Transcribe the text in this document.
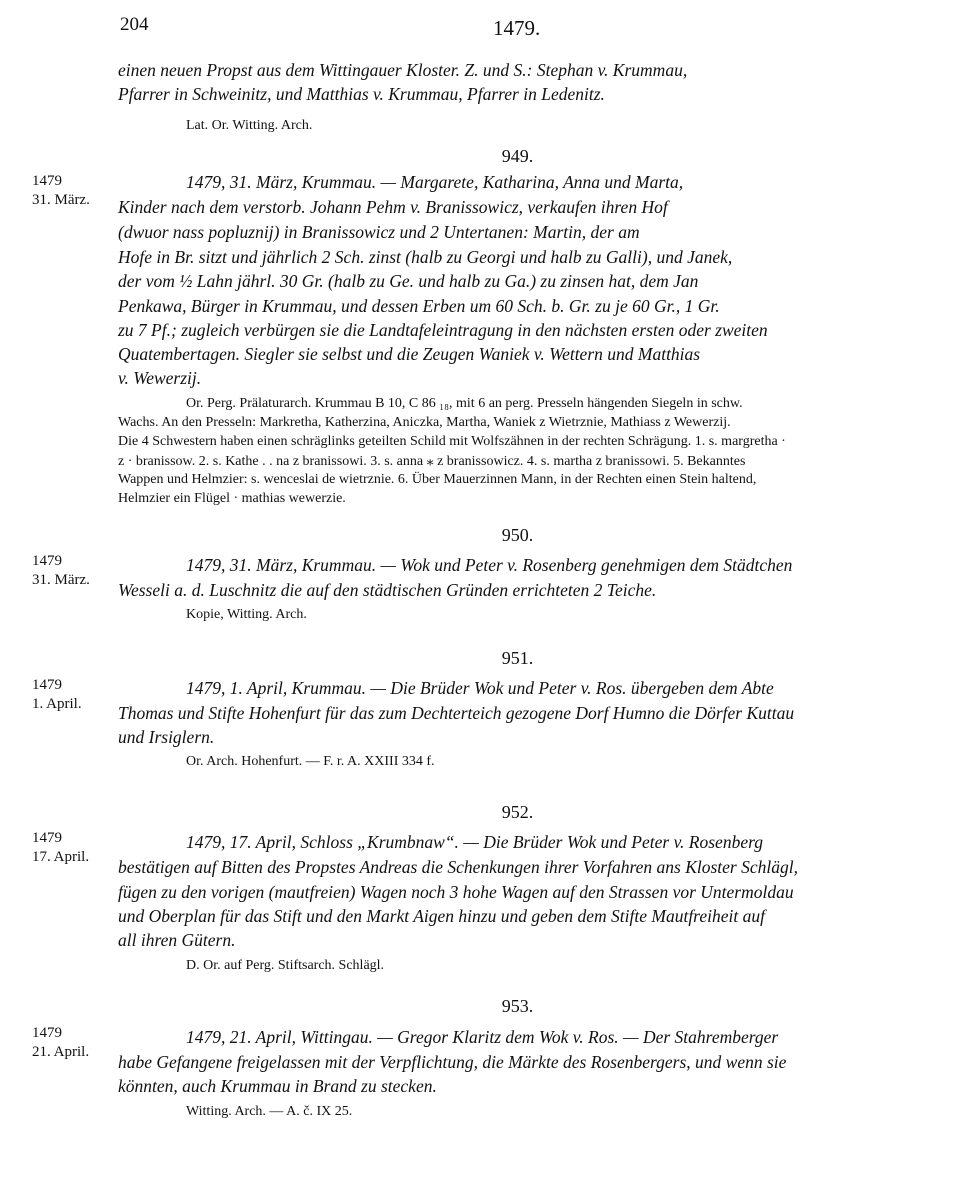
204	1479.
einen neuen Propst aus dem Wittingauer Kloster. Z. und S.: Stephan v. Krummau,
Pfarrer in Schweinitz, und Matthias v. Krummau, Pfarrer in Ledenitz.
Lat. Or. Witting. Arch.
949.
1479
31. März.
1479, 31. März, Krummau. — Margarete, Katharina, Anna und Marta,
Kinder nach dem verstorb. Johann Pehm v. Branissowicz, verkaufen ihren Hof
(dwuor nass popluznij) in Branissowicz und 2 Untertanen: Martin, der am
Hofe in Br. sitzt und jährlich 2 Sch. zinst (halb zu Georgi und halb zu Galli), und Janek,
der vom ½ Lahn jährl. 30 Gr. (halb zu Ge. und halb zu Ga.) zu zinsen hat, dem Jan
Penkawa, Bürger in Krummau, und dessen Erben um 60 Sch. b. Gr. zu je 60 Gr., 1 Gr.
zu 7 Pf.; zugleich verbürgen sie die Landtafeleintragung in den nächsten ersten oder zweiten
Quatembertagen. Siegler sie selbst und die Zeugen Waniek v. Wettern und Matthias
v. Wewerzij.
Or. Perg. Prälaturarch. Krummau B 10, C 86 ₁₈, mit 6 an perg. Presseln hängenden Siegeln in schw.
Wachs. An den Presseln: Markretha, Katherzina, Aniczka, Martha, Waniek z Wietrznie, Mathiass z Wewerzij.
Die 4 Schwestern haben einen schräglinks geteilten Schild mit Wolfszähnen in der rechten Schrägung. 1. s. margretha ·
z · branissow. 2. s. Kathe . . na z branissowi. 3. s. anna ⁎ z branissowicz. 4. s. martha z branissowi. 5. Bekanntes
Wappen und Helmzier: s. wenceslai de wietrznie. 6. Über Mauerzinnen Mann, in der Rechten einen Stein haltend,
Helmzier ein Flügel · mathias wewerzie.
950.
1479
31. März.
1479, 31. März, Krummau. — Wok und Peter v. Rosenberg genehmigen dem Städtchen
Wesseli a. d. Luschnitz die auf den städtischen Gründen errichteten 2 Teiche.
Kopie, Witting. Arch.
951.
1479
1. April.
1479, 1. April, Krummau. — Die Brüder Wok und Peter v. Ros. übergeben dem Abte
Thomas und Stifte Hohenfurt für das zum Dechterteich gezogene Dorf Humno die Dörfer Kuttau
und Irsiglern.
Or. Arch. Hohenfurt. — F. r. A. XXIII 334 f.
952.
1479
17. April.
1479, 17. April, Schloss „Krumbnaw“. — Die Brüder Wok und Peter v. Rosenberg
bestätigen auf Bitten des Propstes Andreas die Schenkungen ihrer Vorfahren ans Kloster Schlägl,
fügen zu den vorigen (mautfreien) Wagen noch 3 hohe Wagen auf den Strassen vor Untermoldau
und Oberplan für das Stift und den Markt Aigen hinzu und geben dem Stifte Mautfreiheit auf
all ihren Gütern.
D. Or. auf Perg. Stiftsarch. Schlägl.
953.
1479
21. April.
1479, 21. April, Wittingau. — Gregor Klaritz dem Wok v. Ros. — Der Stahremberger
habe Gefangene freigelassen mit der Verpflichtung, die Märkte des Rosenbergers, und wenn sie
könnten, auch Krummau in Brand zu stecken.
Witting. Arch. — A. č. IX 25.
